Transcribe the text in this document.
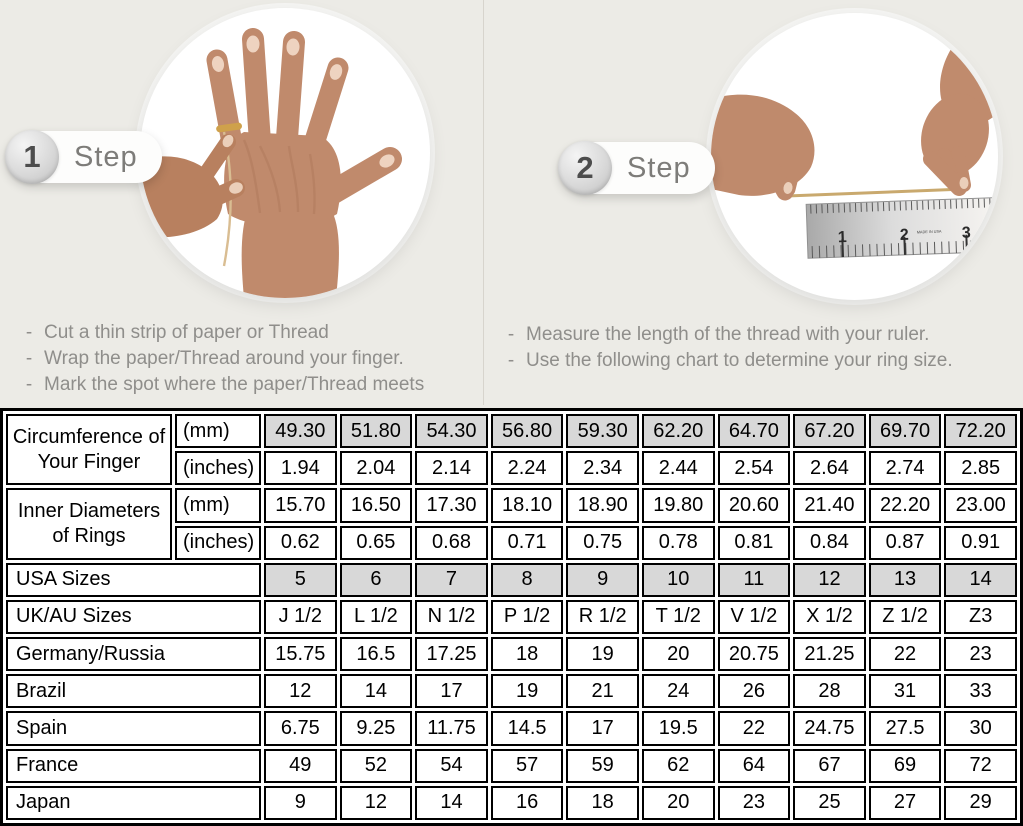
1	Step
- Cut a thin strip of paper or Thread
- Wrap the paper/Thread around your finger.
- Mark the spot where the paper/Thread meets
1	2	3
MADE IN USA
2	Step
- Measure the length of the thread with your ruler.
- Use the following chart to determine your ring size.
Circumference of Your Finger	(mm)	49.30	51.80	54.30	56.80	59.30	62.20	64.70	67.20	69.70	72.20
	(inches)	1.94	2.04	2.14	2.24	2.34	2.44	2.54	2.64	2.74	2.85
Inner Diameters of Rings	(mm)	15.70	16.50	17.30	18.10	18.90	19.80	20.60	21.40	22.20	23.00
	(inches)	0.62	0.65	0.68	0.71	0.75	0.78	0.81	0.84	0.87	0.91
USA Sizes		5	6	7	8	9	10	11	12	13	14
UK/AU Sizes		J 1/2	L 1/2	N 1/2	P 1/2	R 1/2	T 1/2	V 1/2	X 1/2	Z 1/2	Z3
Germany/Russia		15.75	16.5	17.25	18	19	20	20.75	21.25	22	23
Brazil		12	14	17	19	21	24	26	28	31	33
Spain		6.75	9.25	11.75	14.5	17	19.5	22	24.75	27.5	30
France		49	52	54	57	59	62	64	67	69	72
Japan		9	12	14	16	18	20	23	25	27	29
